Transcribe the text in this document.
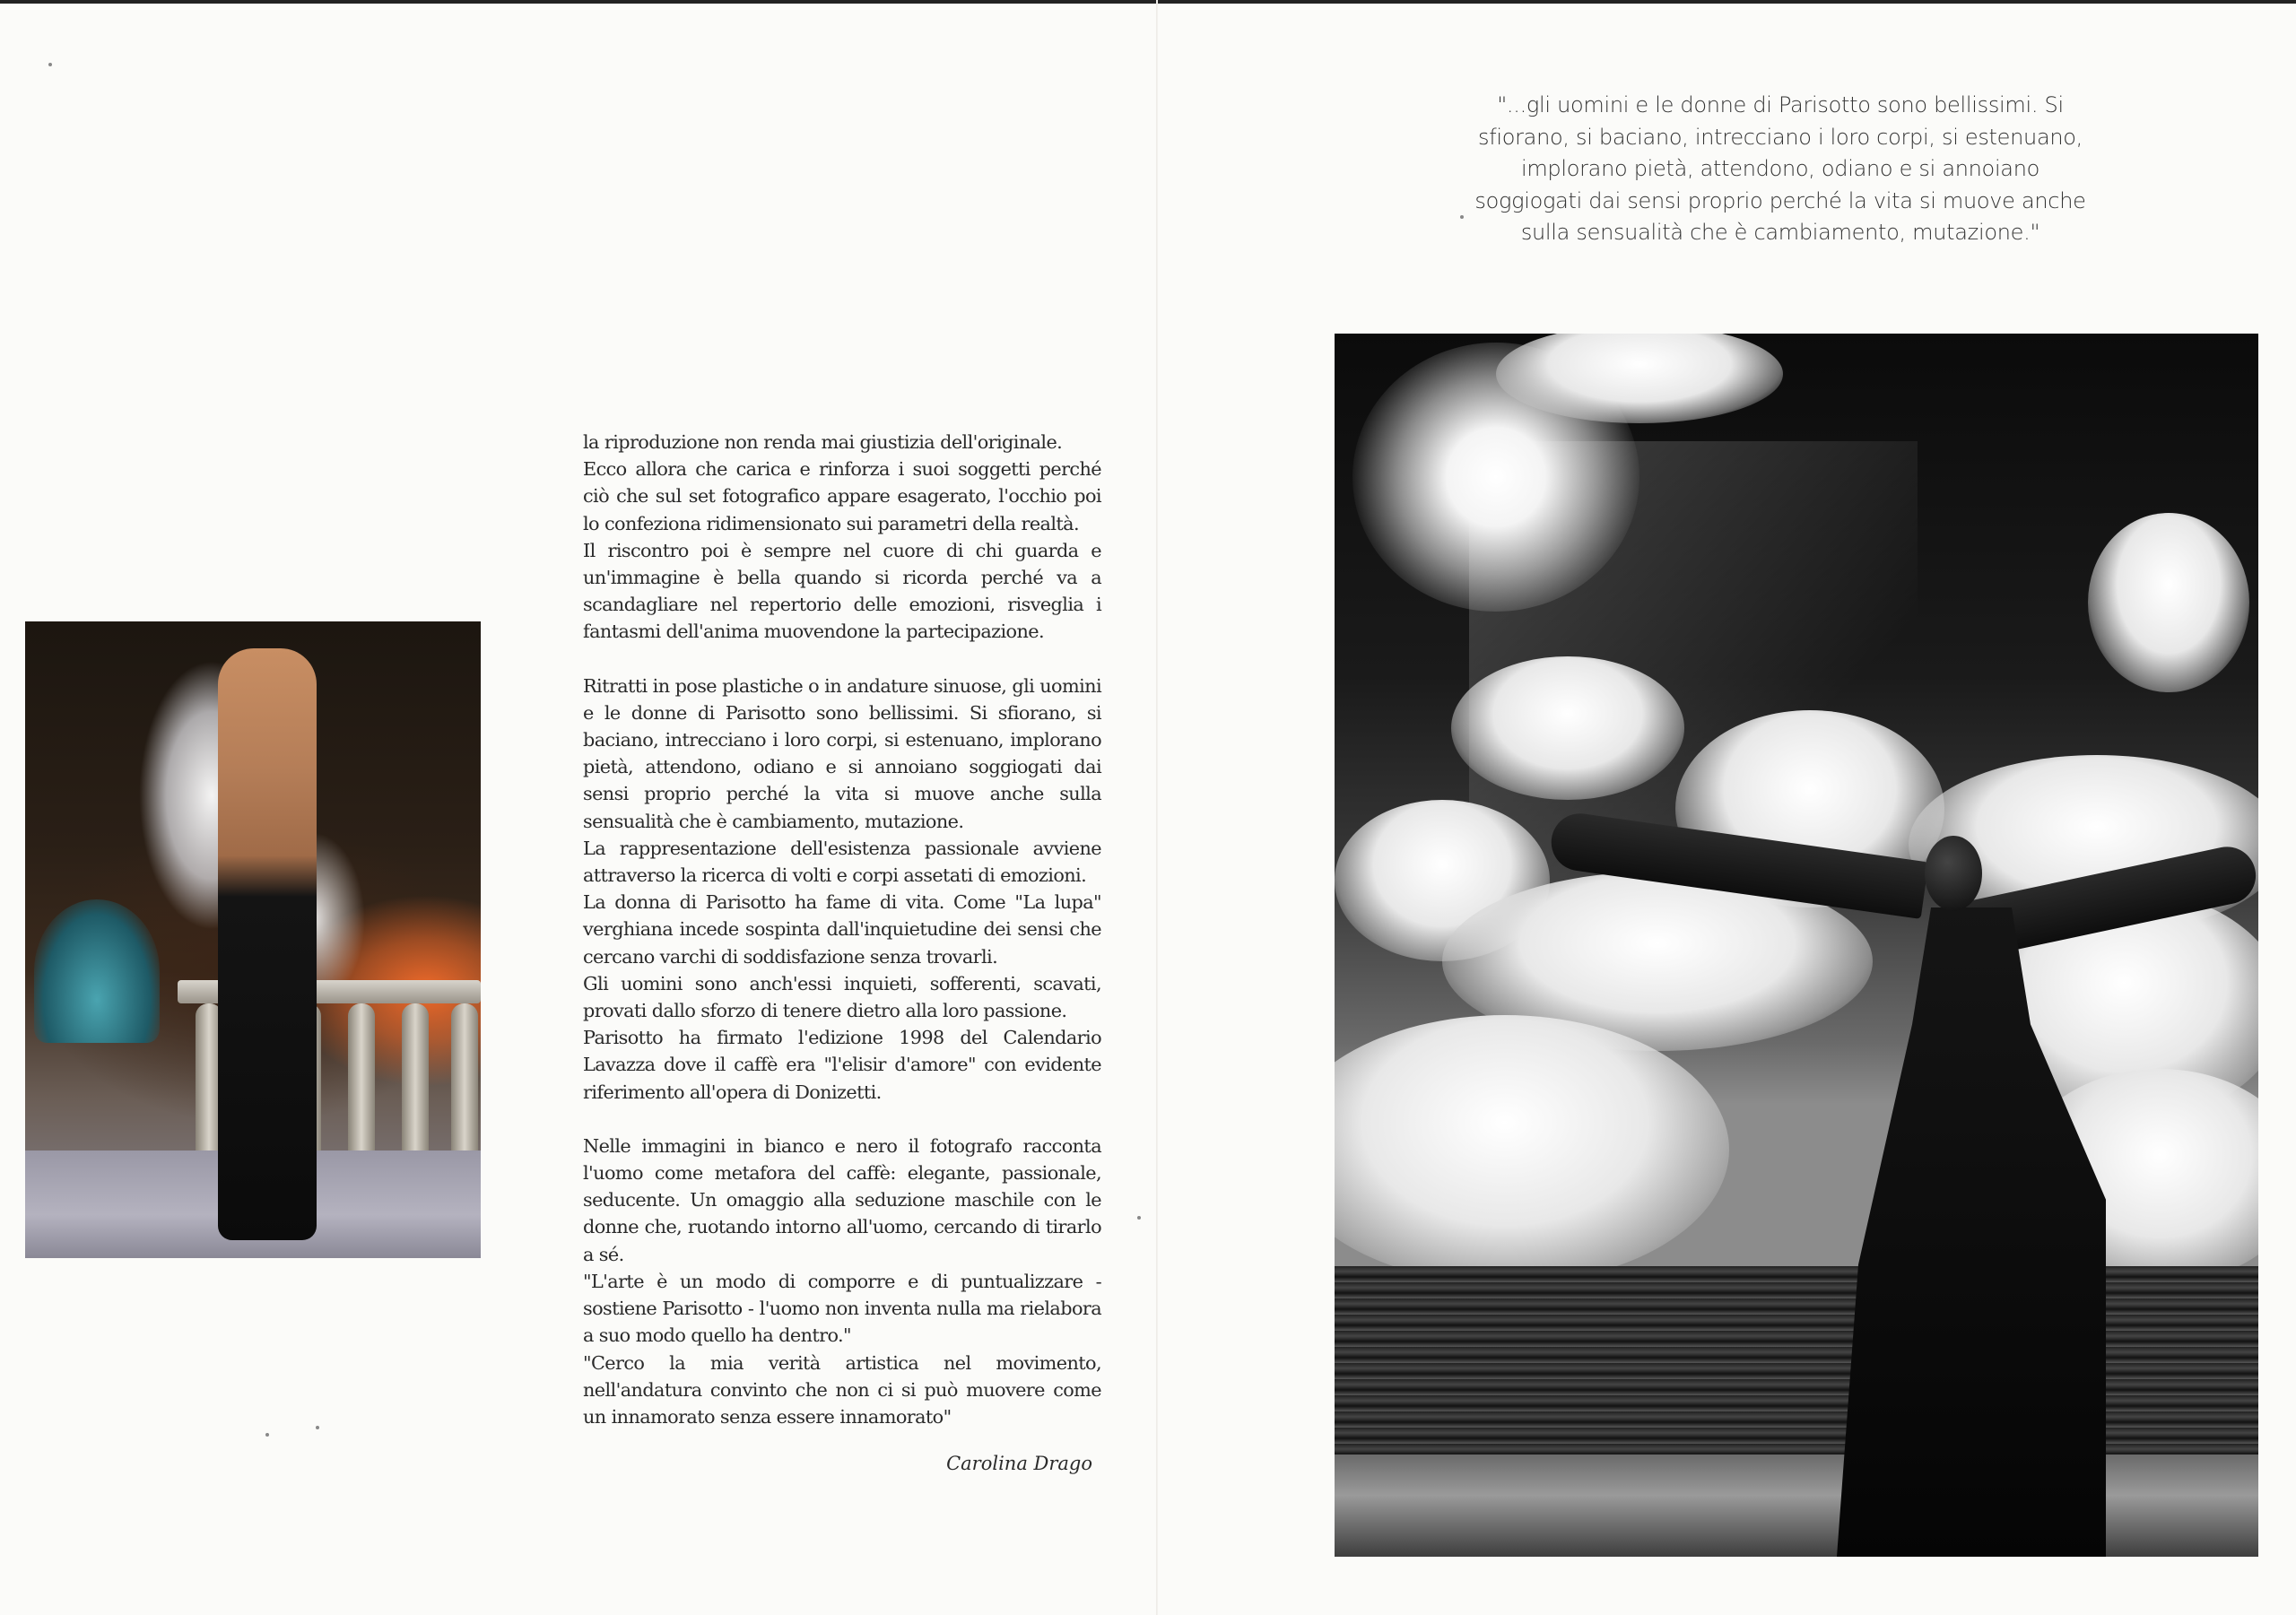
la riproduzione non renda mai giustizia dell'originale.
Ecco allora che carica e rinforza i suoi soggetti perché ciò che sul set fotografico appare esagerato, l'occhio poi lo confeziona ridimensionato sui parametri della realtà.
Il riscontro poi è sempre nel cuore di chi guarda e un'immagine è bella quando si ricorda perché va a scandagliare nel repertorio delle emozioni, risveglia i fantasmi dell'anima muovendone la partecipazione.

Ritratti in pose plastiche o in andature sinuose, gli uomini e le donne di Parisotto sono bellissimi. Si sfiorano, si baciano, intrecciano i loro corpi, si estenuano, implorano pietà, attendono, odiano e si annoiano soggiogati dai sensi proprio perché la vita si muove anche sulla sensualità che è cambiamento, mutazione.
La rappresentazione dell'esistenza passionale avviene attraverso la ricerca di volti e corpi assetati di emozioni.
La donna di Parisotto ha fame di vita. Come "La lupa" verghiana incede sospinta dall'inquietudine dei sensi che cercano varchi di soddisfazione senza trovarli.
Gli uomini sono anch'essi inquieti, sofferenti, scavati, provati dallo sforzo di tenere dietro alla loro passione.
Parisotto ha firmato l'edizione 1998 del Calendario Lavazza dove il caffè era "l'elisir d'amore" con evidente riferimento all'opera di Donizetti.

Nelle immagini in bianco e nero il fotografo racconta l'uomo come metafora del caffè: elegante, passionale, seducente. Un omaggio alla seduzione maschile con le donne che, ruotando intorno all'uomo, cercando di tirarlo a sé.
"L'arte è un modo di comporre e di puntualizzare - sostiene Parisotto - l'uomo non inventa nulla ma rielabora a suo modo quello ha dentro."
"Cerco la mia verità artistica nel movimento, nell'andatura convinto che non ci si può muovere come un innamorato senza essere innamorato"

Carolina Drago
"...gli uomini e le donne di Parisotto sono bellissimi. Si sfiorano, si baciano, intrecciano i loro corpi, si estenuano, implorano pietà, attendono, odiano e si annoiano soggiogati dai sensi proprio perché la vita si muove anche sulla sensualità che è cambiamento, mutazione."
